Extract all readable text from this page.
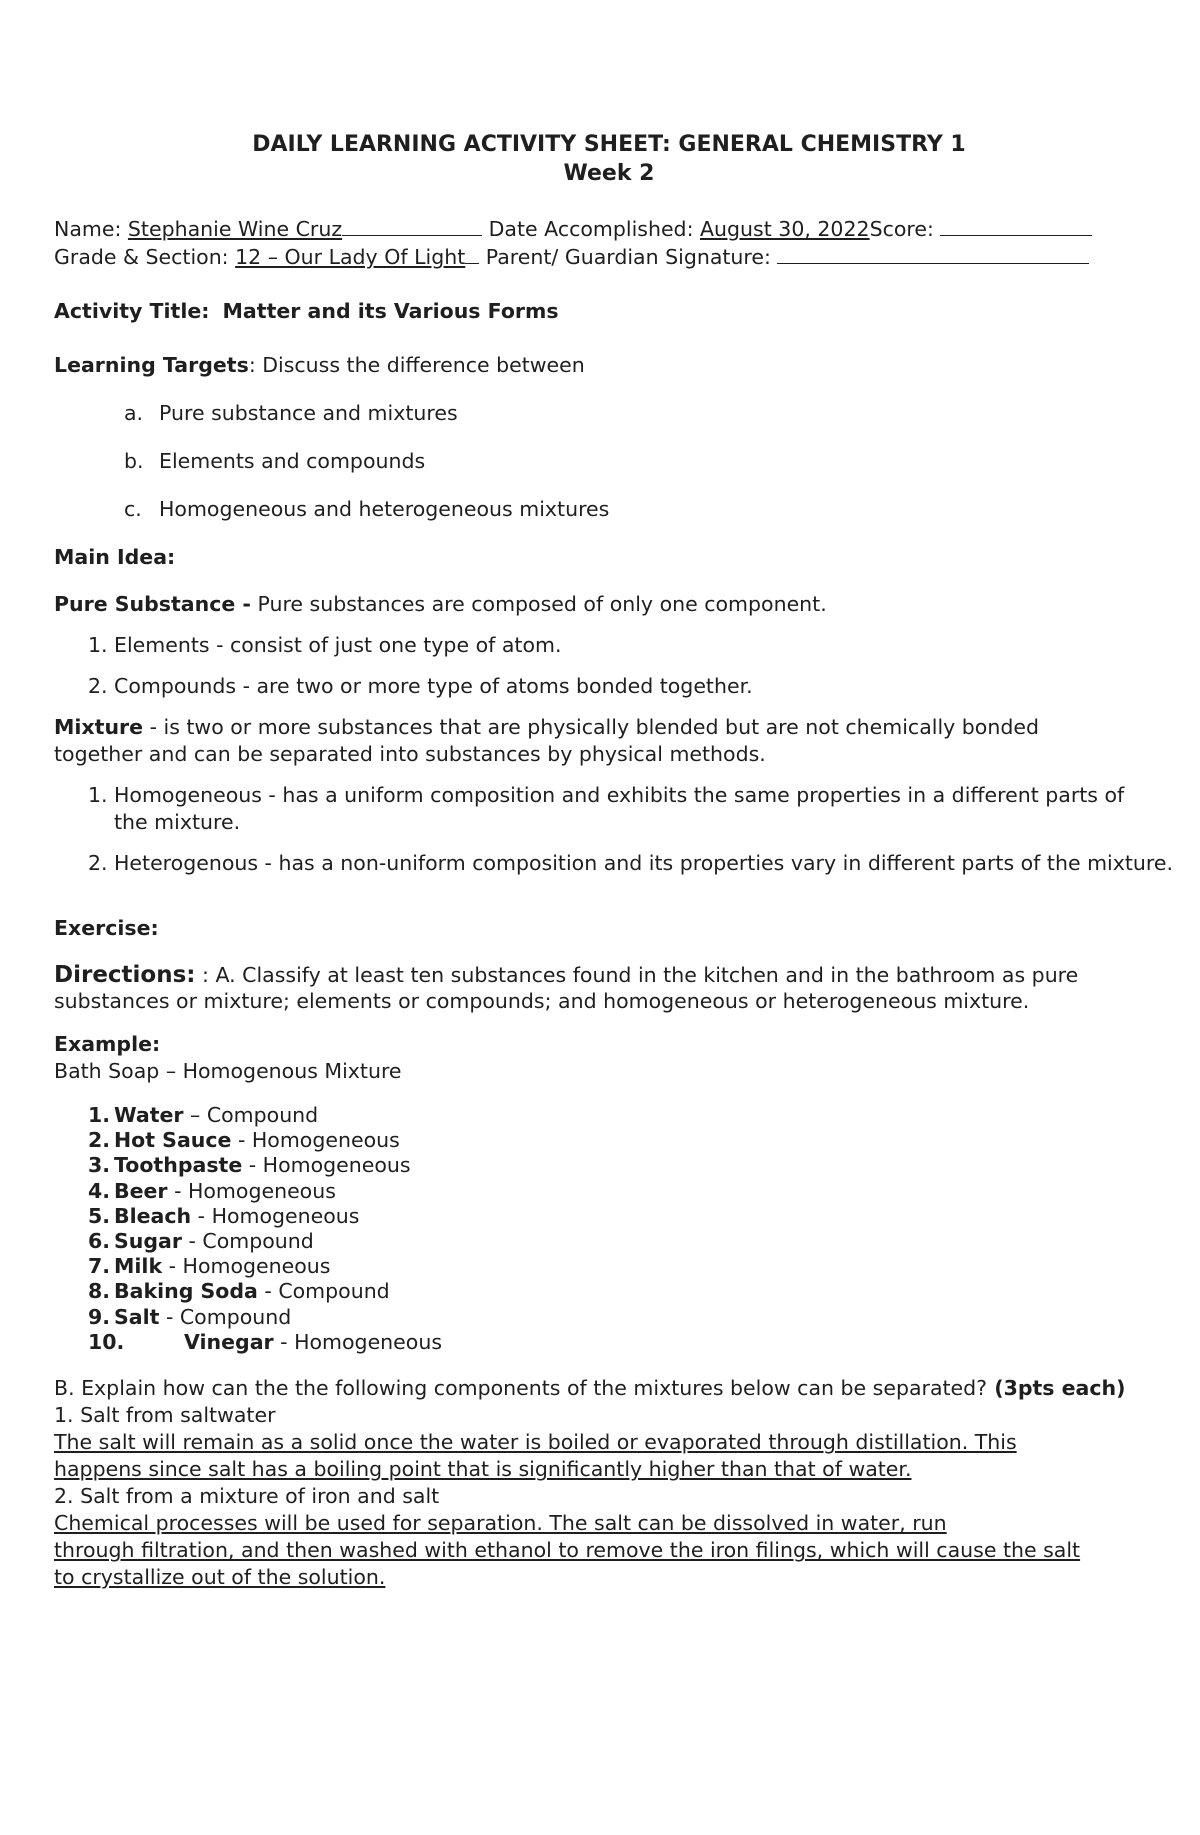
DAILY LEARNING ACTIVITY SHEET: GENERAL CHEMISTRY 1
Week 2
Name: Stephanie Wine Cruz	Date Accomplished: August 30, 2022Score:
Grade & Section: 12 – Our Lady Of Light Parent/ Guardian Signature:

Activity Title: Matter and its Various Forms

Learning Targets: Discuss the difference between

a. Pure substance and mixtures
b. Elements and compounds
c. Homogeneous and heterogeneous mixtures

Main Idea:

Pure Substance - Pure substances are composed of only one component.

1. Elements - consist of just one type of atom.
2. Compounds - are two or more type of atoms bonded together.

Mixture - is two or more substances that are physically blended but are not chemically bonded together and can be separated into substances by physical methods.

1. Homogeneous - has a uniform composition and exhibits the same properties in a different parts of the mixture.
2. Heterogenous - has a non-uniform composition and its properties vary in different parts of the mixture.

Exercise:

Directions: : A. Classify at least ten substances found in the kitchen and in the bathroom as pure substances or mixture; elements or compounds; and homogeneous or heterogeneous mixture.

Example:

Bath Soap – Homogenous Mixture

1. Water – Compound
2. Hot Sauce - Homogeneous
3. Toothpaste - Homogeneous
4. Beer - Homogeneous
5. Bleach - Homogeneous
6. Sugar - Compound
7. Milk - Homogeneous
8. Baking Soda - Compound
9. Salt - Compound
10.	Vinegar - Homogeneous

B. Explain how can the the following components of the mixtures below can be separated? (3pts each)

1. Salt from saltwater

The salt will remain as a solid once the water is boiled or evaporated through distillation. This

happens since salt has a boiling point that is significantly higher than that of water.

2. Salt from a mixture of iron and salt

Chemical processes will be used for separation. The salt can be dissolved in water, run

through filtration, and then washed with ethanol to remove the iron filings, which will cause the salt

to crystallize out of the solution.
